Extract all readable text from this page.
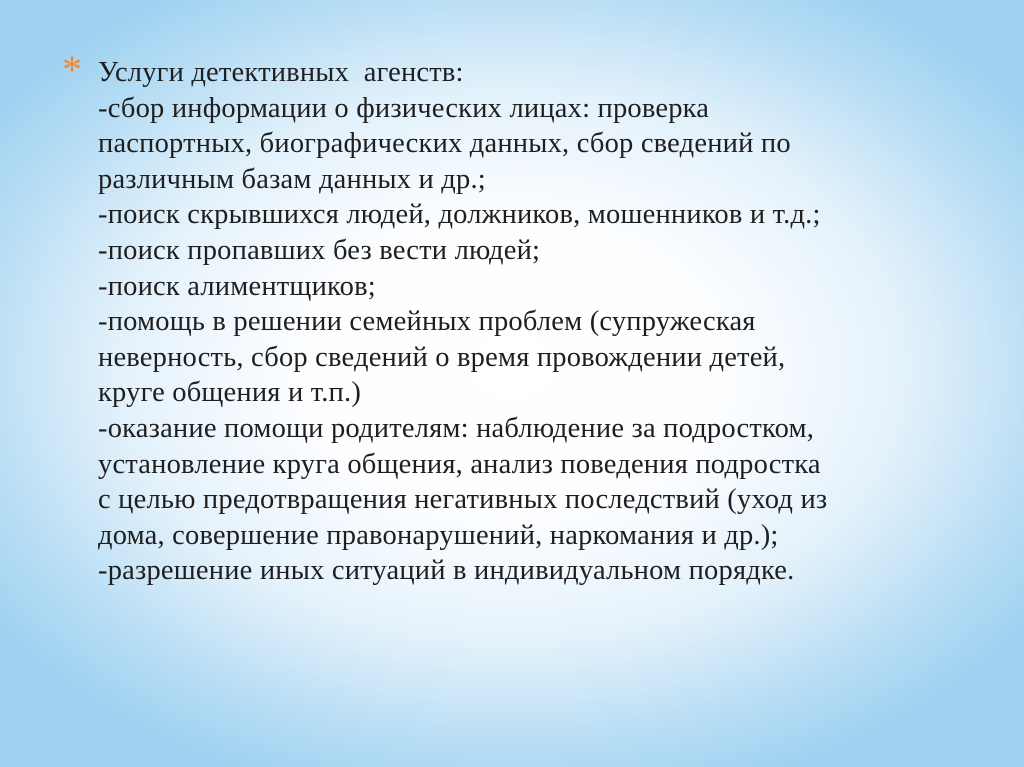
* Услуги детективных  агенств:
-сбор информации о физических лицах: проверка
паспортных, биографических данных, сбор сведений по
различным базам данных и др.;
-поиск скрывшихся людей, должников, мошенников и т.д.;
-поиск пропавших без вести людей;
-поиск алиментщиков;
-помощь в решении семейных проблем (супружеская
неверность, сбор сведений о время провождении детей,
круге общения и т.п.)
-оказание помощи родителям: наблюдение за подростком,
установление круга общения, анализ поведения подростка
с целью предотвращения негативных последствий (уход из
дома, совершение правонарушений, наркомания и др.);
-разрешение иных ситуаций в индивидуальном порядке.
